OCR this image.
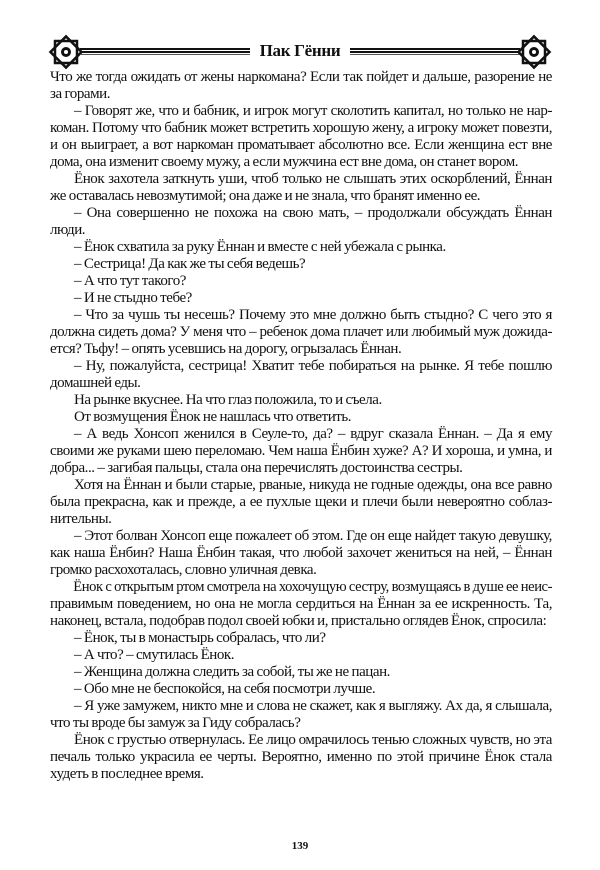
Пак Гённи
Что же тогда ожидать от жены наркомана? Если так пойдет и дальше, разорение не
за горами.
– Говорят же, что и бабник, и игрок могут сколотить капитал, но только не нар-
коман. Потому что бабник может встретить хорошую жену, а игроку может повезти,
и он выиграет, а вот наркоман проматывает абсолютно все. Если женщина ест вне
дома, она изменит своему мужу, а если мужчина ест вне дома, он станет вором.
Ёнок захотела заткнуть уши, чтоб только не слышать этих оскорблений, Ённан
же оставалась невозмутимой; она даже и не знала, что бранят именно ее.
– Она совершенно не похожа на свою мать, – продолжали обсуждать Ённан
люди.
– Ёнок схватила за руку Ённан и вместе с ней убежала с рынка.
– Сестрица! Да как же ты себя ведешь?
– А что тут такого?
– И не стыдно тебе?
– Что за чушь ты несешь? Почему это мне должно быть стыдно? С чего это я
должна сидеть дома? У меня что – ребенок дома плачет или любимый муж дожида-
ется? Тьфу! – опять усевшись на дорогу, огрызалась Ённан.
– Ну, пожалуйста, сестрица! Хватит тебе побираться на рынке. Я тебе пошлю
домашней еды.
На рынке вкуснее. На что глаз положила, то и съела.
От возмущения Ёнок не нашлась что ответить.
– А ведь Хонсоп женился в Сеуле-то, да? – вдруг сказала Ённан. – Да я ему
своими же руками шею переломаю. Чем наша Ёнбин хуже? А? И хороша, и умна, и
добра... – загибая пальцы, стала она перечислять достоинства сестры.
Хотя на Ённан и были старые, рваные, никуда не годные одежды, она все равно
была прекрасна, как и прежде, а ее пухлые щеки и плечи были невероятно соблаз-
нительны.
– Этот болван Хонсоп еще пожалеет об этом. Где он еще найдет такую девушку,
как наша Ёнбин? Наша Ёнбин такая, что любой захочет жениться на ней, – Ённан
громко расхохоталась, словно уличная девка.
Ёнок с открытым ртом смотрела на хохочущую сестру, возмущаясь в душе ее неис-
правимым поведением, но она не могла сердиться на Ённан за ее искренность. Та,
наконец, встала, подобрав подол своей юбки и, пристально оглядев Ёнок, спросила:
– Ёнок, ты в монастырь собралась, что ли?
– А что? – смутилась Ёнок.
– Женщина должна следить за собой, ты же не пацан.
– Обо мне не беспокойся, на себя посмотри лучше.
– Я уже замужем, никто мне и слова не скажет, как я выгляжу. Ах да, я слышала,
что ты вроде бы замуж за Гиду собралась?
Ёнок с грустью отвернулась. Ее лицо омрачилось тенью сложных чувств, но эта
печаль только украсила ее черты. Вероятно, именно по этой причине Ёнок стала
худеть в последнее время.
139
